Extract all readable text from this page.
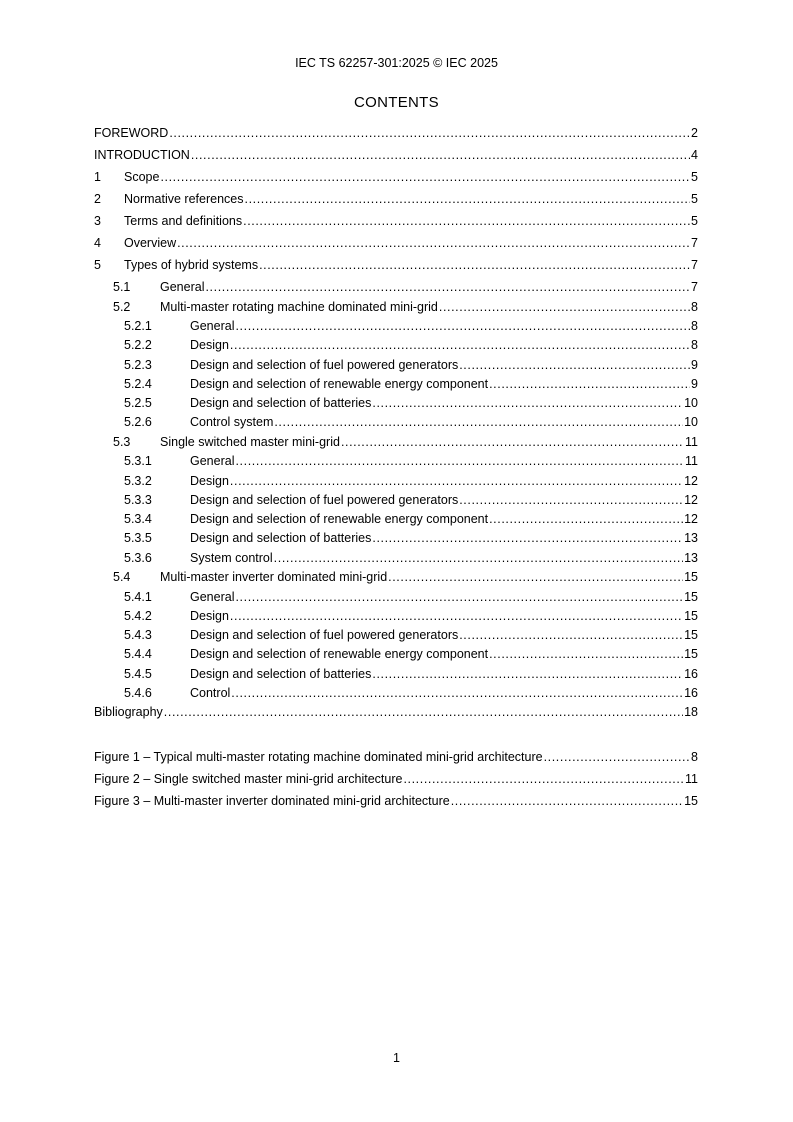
IEC TS 62257-301:2025 © IEC 2025
CONTENTS
FOREWORD .....	2
INTRODUCTION .....	4
1	Scope .....	5
2	Normative references .....	5
3	Terms and definitions .....	5
4	Overview .....	7
5	Types of hybrid systems .....	7
5.1	General .....	7
5.2	Multi-master rotating machine dominated mini-grid .....	8
5.2.1	General .....	8
5.2.2	Design .....	8
5.2.3	Design and selection of fuel powered generators .....	9
5.2.4	Design and selection of renewable energy component .....	9
5.2.5	Design and selection of batteries .....	10
5.2.6	Control system .....	10
5.3	Single switched master mini-grid .....	11
5.3.1	General .....	11
5.3.2	Design .....	12
5.3.3	Design and selection of fuel powered generators .....	12
5.3.4	Design and selection of renewable energy component .....	12
5.3.5	Design and selection of batteries .....	13
5.3.6	System control .....	13
5.4	Multi-master inverter dominated mini-grid .....	15
5.4.1	General .....	15
5.4.2	Design .....	15
5.4.3	Design and selection of fuel powered generators .....	15
5.4.4	Design and selection of renewable energy component .....	15
5.4.5	Design and selection of batteries .....	16
5.4.6	Control .....	16
Bibliography .....	18
Figure 1 – Typical multi-master rotating machine dominated mini-grid architecture .....	8
Figure 2 – Single switched master mini-grid architecture .....	11
Figure 3 – Multi-master inverter dominated mini-grid architecture .....	15
1
